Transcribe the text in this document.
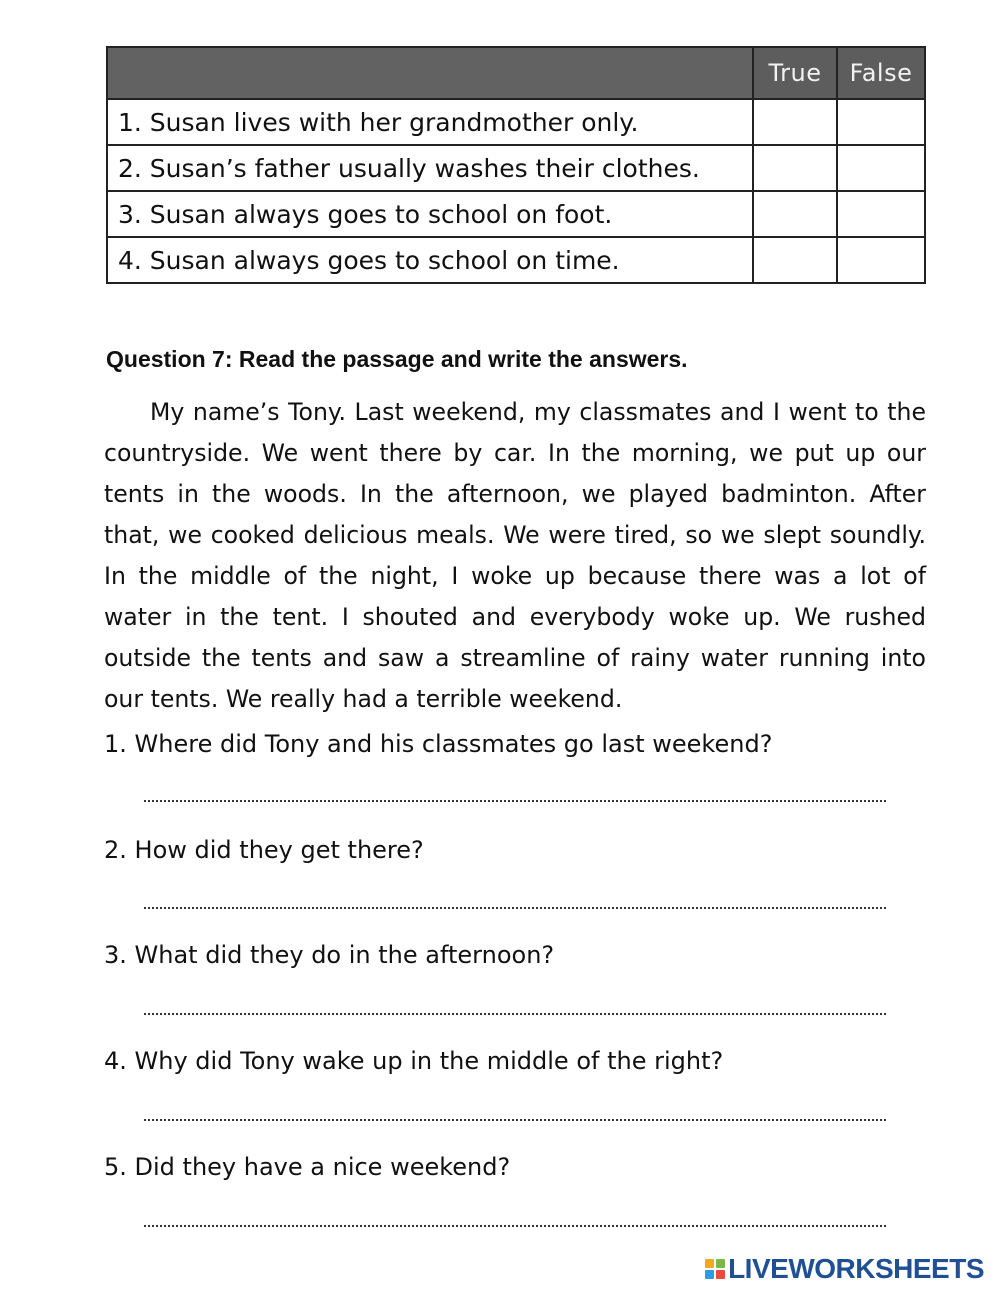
	True	False
1. Susan lives with her grandmother only.		
2. Susan’s father usually washes their clothes.		
3. Susan always goes to school on foot.		
4. Susan always goes to school on time.		
Question 7: Read the passage and write the answers.

My name’s Tony. Last weekend, my classmates and I went to the countryside. We went there by car. In the morning, we put up our tents in the woods. In the afternoon, we played badminton. After that, we cooked delicious meals. We were tired, so we slept soundly. In the middle of the night, I woke up because there was a lot of water in the tent. I shouted and everybody woke up. We rushed outside the tents and saw a streamline of rainy water running into our tents. We really had a terrible weekend.

1. Where did Tony and his classmates go last weekend?

2. How did they get there?

3. What did they do in the afternoon?

4. Why did Tony wake up in the middle of the right?

5. Did they have a nice weekend?

LIVEWORKSHEETS
